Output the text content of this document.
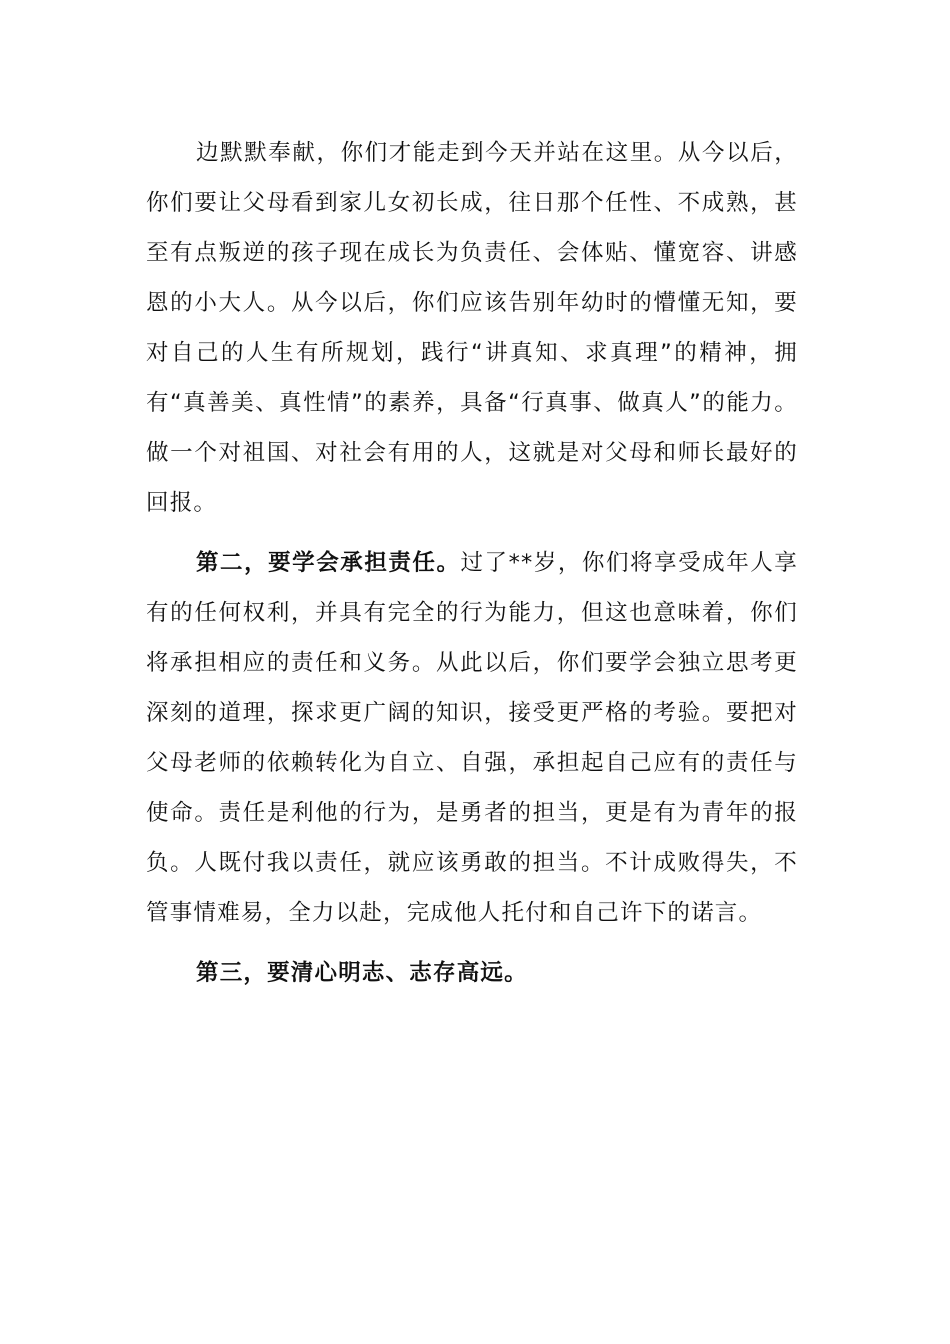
边默默奉献，你们才能走到今天并站在这里。从今以后，你们要让父母看到家儿女初长成，往日那个任性、不成熟，甚至有点叛逆的孩子现在成长为负责任、会体贴、懂宽容、讲感恩的小大人。从今以后，你们应该告别年幼时的懵懂无知，要对自己的人生有所规划，践行“讲真知、求真理”的精神，拥有“真善美、真性情”的素养，具备“行真事、做真人”的能力。做一个对祖国、对社会有用的人，这就是对父母和师长最好的回报。

第二，要学会承担责任。过了**岁，你们将享受成年人享有的任何权利，并具有完全的行为能力，但这也意味着，你们将承担相应的责任和义务。从此以后，你们要学会独立思考更深刻的道理，探求更广阔的知识，接受更严格的考验。要把对父母老师的依赖转化为自立、自强，承担起自己应有的责任与使命。责任是利他的行为，是勇者的担当，更是有为青年的报负。人既付我以责任，就应该勇敢的担当。不计成败得失，不管事情难易，全力以赴，完成他人托付和自己许下的诺言。

第三，要清心明志、志存高远。
